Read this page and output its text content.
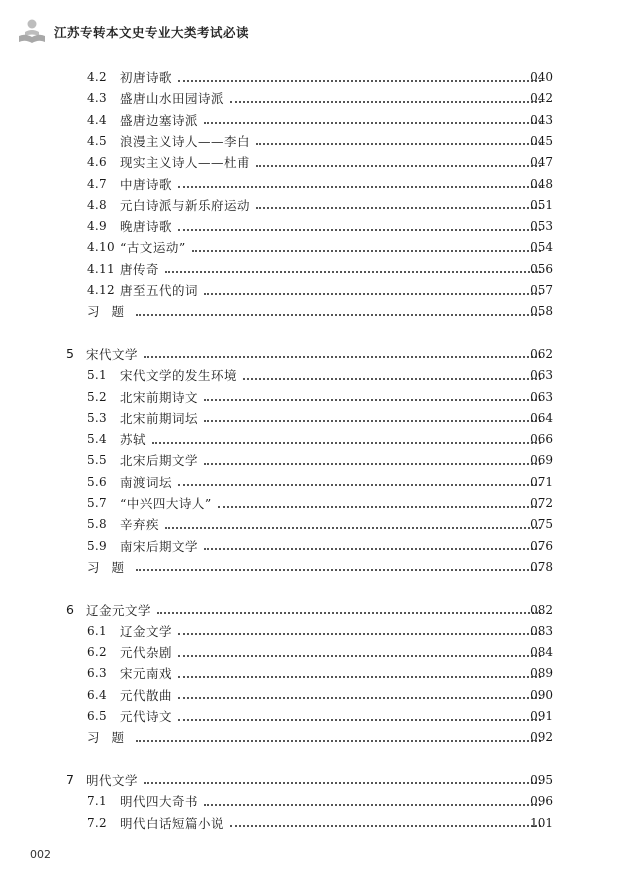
江苏专转本文史专业大类考试必读
4.2 初唐诗歌	040
4.3 盛唐山水田园诗派	042
4.4 盛唐边塞诗派	043
4.5 浪漫主义诗人——李白	045
4.6 现实主义诗人——杜甫	047
4.7 中唐诗歌	048
4.8 元白诗派与新乐府运动	051
4.9 晚唐诗歌	053
4.10 “古文运动”	054
4.11 唐传奇	056
4.12 唐至五代的词	057
习题	058
5 宋代文学	062
5.1 宋代文学的发生环境	063
5.2 北宋前期诗文	063
5.3 北宋前期词坛	064
5.4 苏轼	066
5.5 北宋后期文学	069
5.6 南渡词坛	071
5.7 “中兴四大诗人”	072
5.8 辛弃疾	075
5.9 南宋后期文学	076
习题	078
6 辽金元文学	082
6.1 辽金文学	083
6.2 元代杂剧	084
6.3 宋元南戏	089
6.4 元代散曲	090
6.5 元代诗文	091
习题	092
7 明代文学	095
7.1 明代四大奇书	096
7.2 明代白话短篇小说	101
002
